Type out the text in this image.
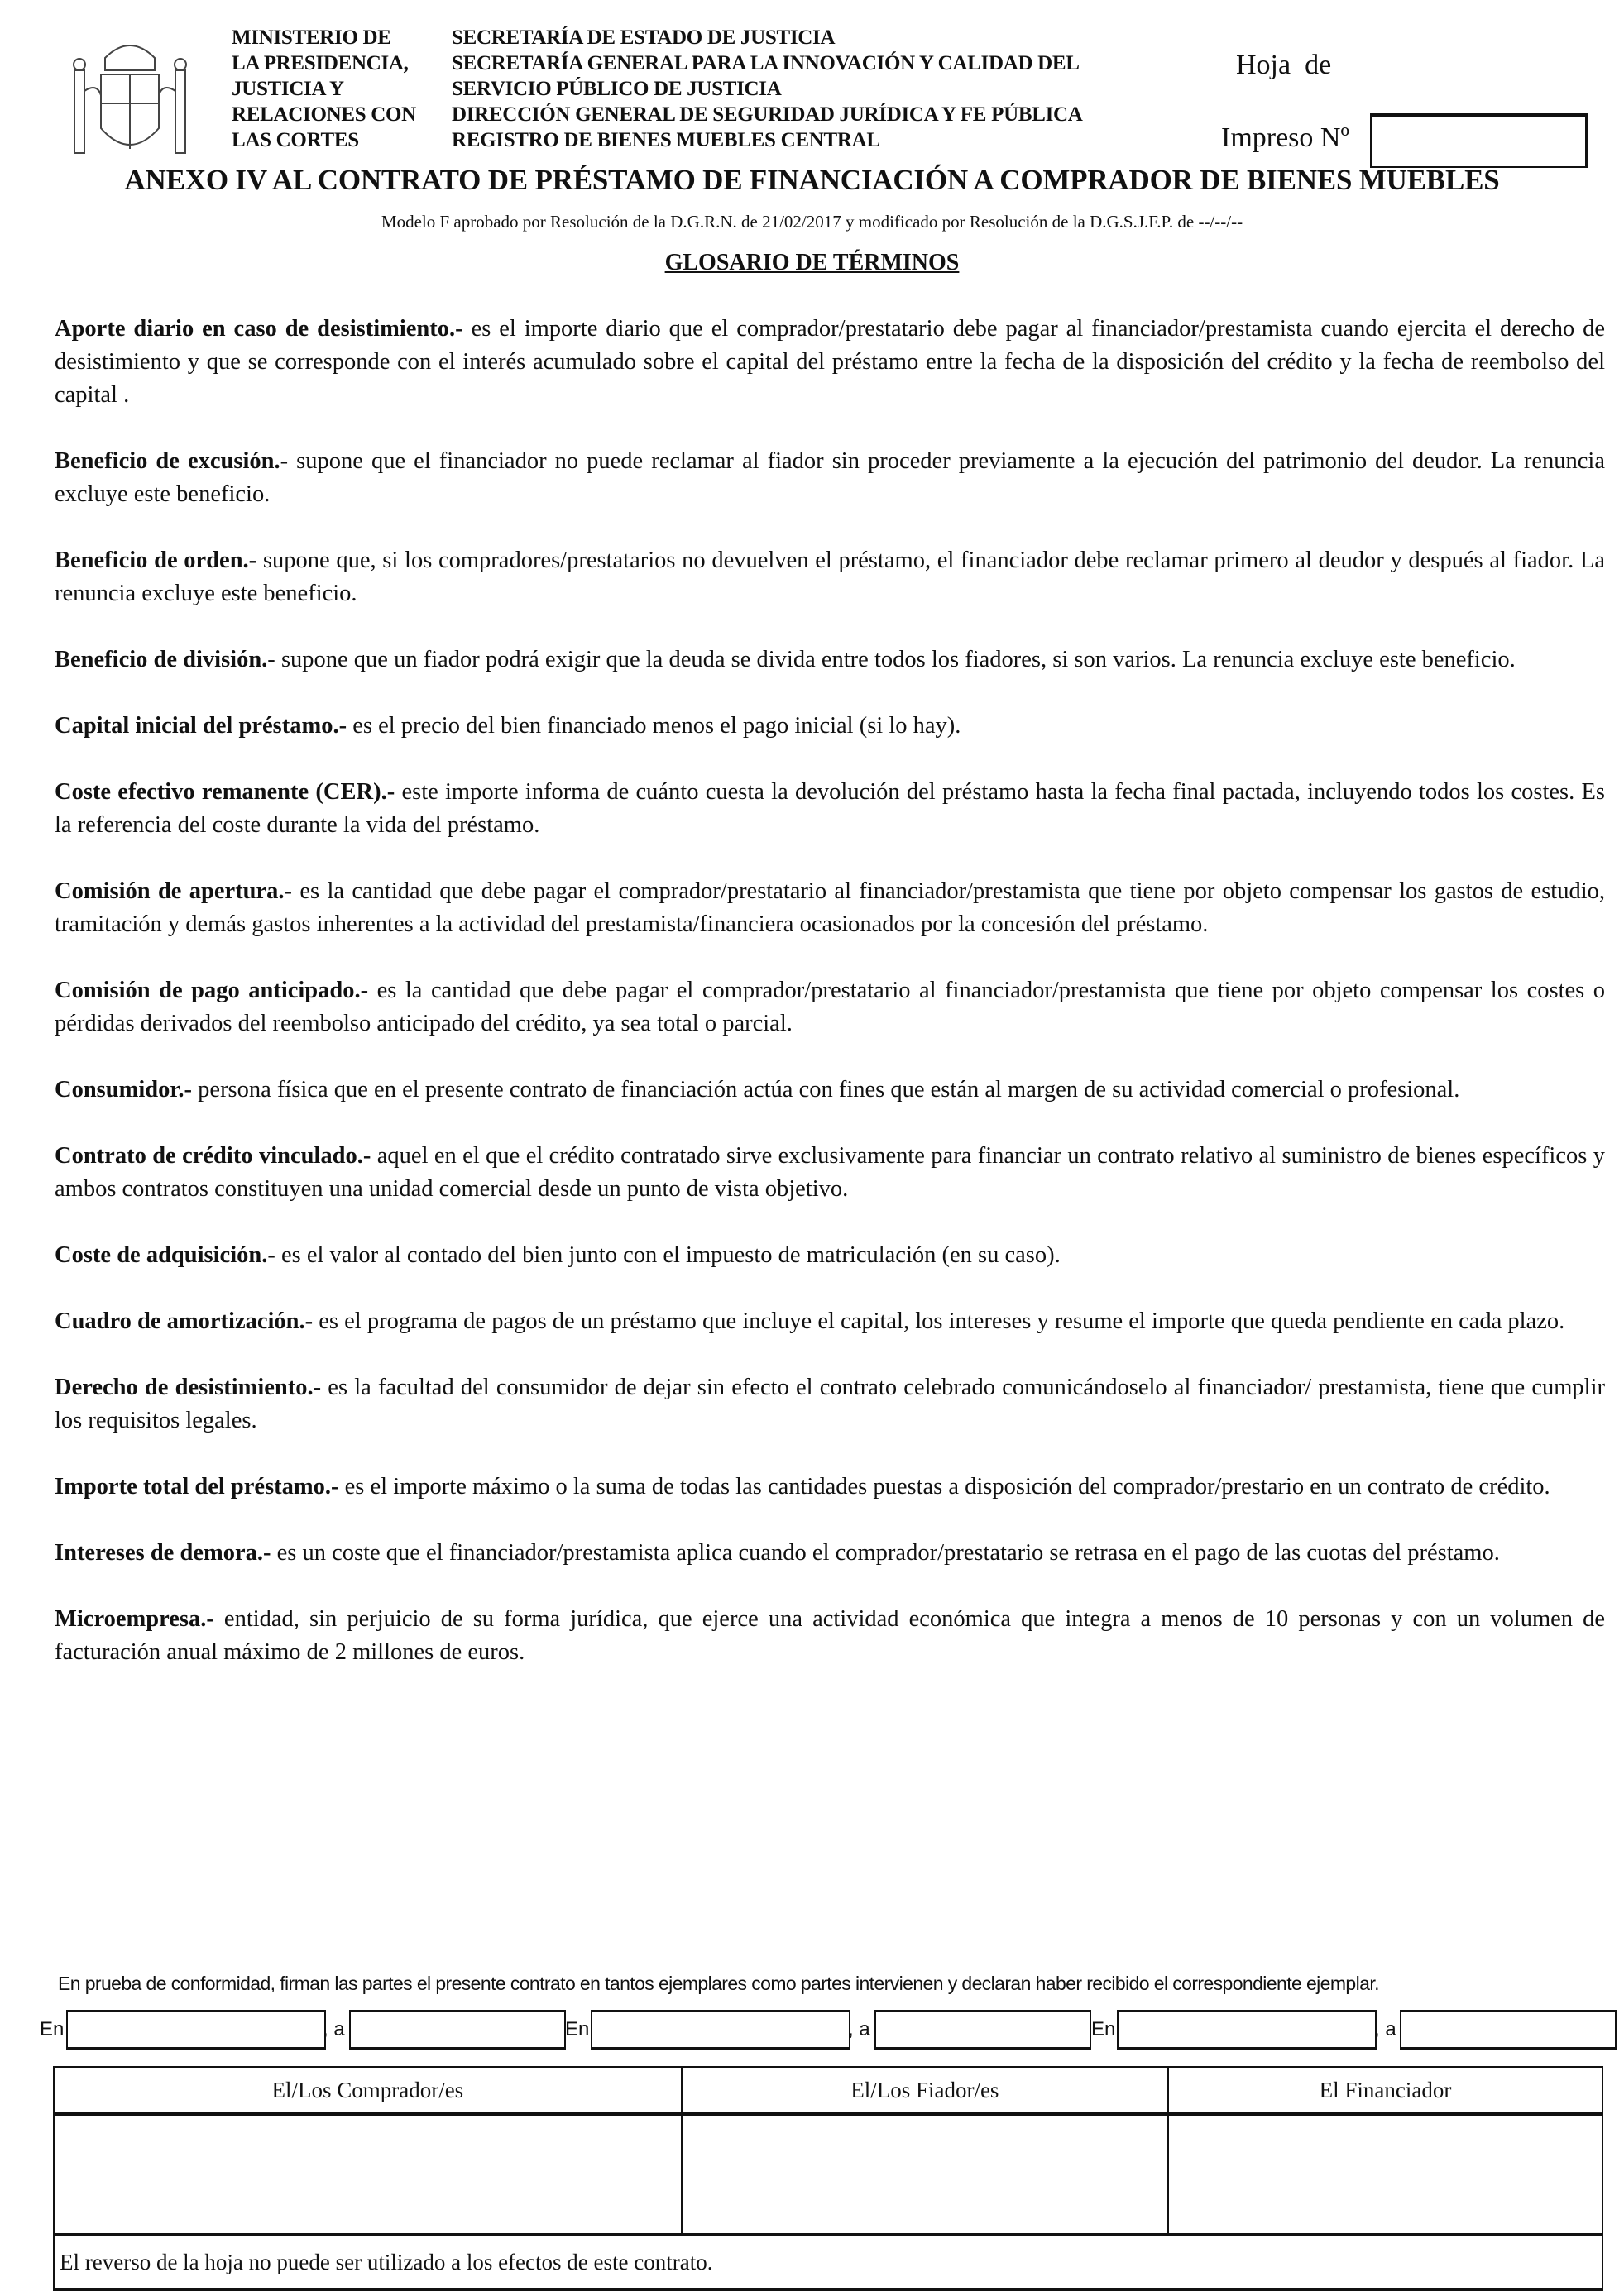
MINISTERIO DE
LA PRESIDENCIA,
JUSTICIA Y
RELACIONES CON
LAS CORTES
SECRETARÍA DE ESTADO DE JUSTICIA
SECRETARÍA GENERAL PARA LA INNOVACIÓN Y CALIDAD DEL
SERVICIO PÚBLICO DE JUSTICIA
DIRECCIÓN GENERAL DE SEGURIDAD JURÍDICA Y FE PÚBLICA
REGISTRO DE BIENES MUEBLES CENTRAL
Hoja  de
Impreso Nº
ANEXO IV AL CONTRATO DE PRÉSTAMO DE FINANCIACIÓN A COMPRADOR DE BIENES MUEBLES
Modelo F aprobado por Resolución de la D.G.R.N. de 21/02/2017 y modificado por Resolución de la D.G.S.J.F.P. de --/--/--
GLOSARIO DE TÉRMINOS

Aporte diario en caso de desistimiento.- es el importe diario que el comprador/prestatario debe pagar al financiador/prestamista cuando ejercita el derecho de desistimiento y que se corresponde con el interés acumulado sobre el capital del préstamo entre la fecha de la disposición del crédito y la fecha de reembolso del capital .

Beneficio de excusión.- supone que el financiador no puede reclamar al fiador sin proceder previamente a la ejecución del patrimonio del deudor. La renuncia excluye este beneficio.

Beneficio de orden.- supone que, si los compradores/prestatarios no devuelven el préstamo, el financiador debe reclamar primero al deudor y después al fiador. La renuncia excluye este beneficio.

Beneficio de división.- supone que un fiador podrá exigir que la deuda se divida entre todos los fiadores, si son varios. La renuncia excluye este beneficio.

Capital inicial del préstamo.- es el precio del bien financiado menos el pago inicial (si lo hay).

Coste efectivo remanente (CER).- este importe informa de cuánto cuesta la devolución del préstamo hasta la fecha final pactada, incluyendo todos los costes. Es la referencia del coste durante la vida del préstamo.

Comisión de apertura.- es la cantidad que debe pagar el comprador/prestatario al financiador/prestamista que tiene por objeto compensar los gastos de estudio, tramitación y demás gastos inherentes a la actividad del prestamista/financiera ocasionados por la concesión del préstamo.

Comisión de pago anticipado.- es la cantidad que debe pagar el comprador/prestatario al financiador/prestamista que tiene por objeto compensar los costes o pérdidas derivados del reembolso anticipado del crédito, ya sea total o parcial.

Consumidor.- persona física que en el presente contrato de financiación actúa con fines que están al margen de su actividad comercial o profesional.

Contrato de crédito vinculado.- aquel en el que el crédito contratado sirve exclusivamente para financiar un contrato relativo al suministro de bienes específicos y ambos contratos constituyen una unidad comercial desde un punto de vista objetivo.

Coste de adquisición.- es el valor al contado del bien junto con el impuesto de matriculación (en su caso).

Cuadro de amortización.- es el programa de pagos de un préstamo que incluye el capital, los intereses y resume el importe que queda pendiente en cada plazo.

Derecho de desistimiento.- es la facultad del consumidor de dejar sin efecto el contrato celebrado comunicándoselo al financiador/ prestamista, tiene que cumplir los requisitos legales.

Importe total del préstamo.- es el importe máximo o la suma de todas las cantidades puestas a disposición del comprador/prestario en un contrato de crédito.

Intereses de demora.- es un coste que el financiador/prestamista aplica cuando el comprador/prestatario se retrasa en el pago de las cuotas del préstamo.

Microempresa.- entidad, sin perjuicio de su forma jurídica, que ejerce una actividad económica que integra a menos de 10 personas y con un volumen de facturación anual máximo de 2 millones de euros.

En prueba de conformidad, firman las partes el presente contrato en tantos ejemplares como partes intervienen y declaran haber recibido el correspondiente ejemplar.
En	, a	En	, a	En	, a
El/Los Comprador/es	El/Los Fiador/es	El Financiador

El reverso de la hoja no puede ser utilizado a los efectos de este contrato.		
